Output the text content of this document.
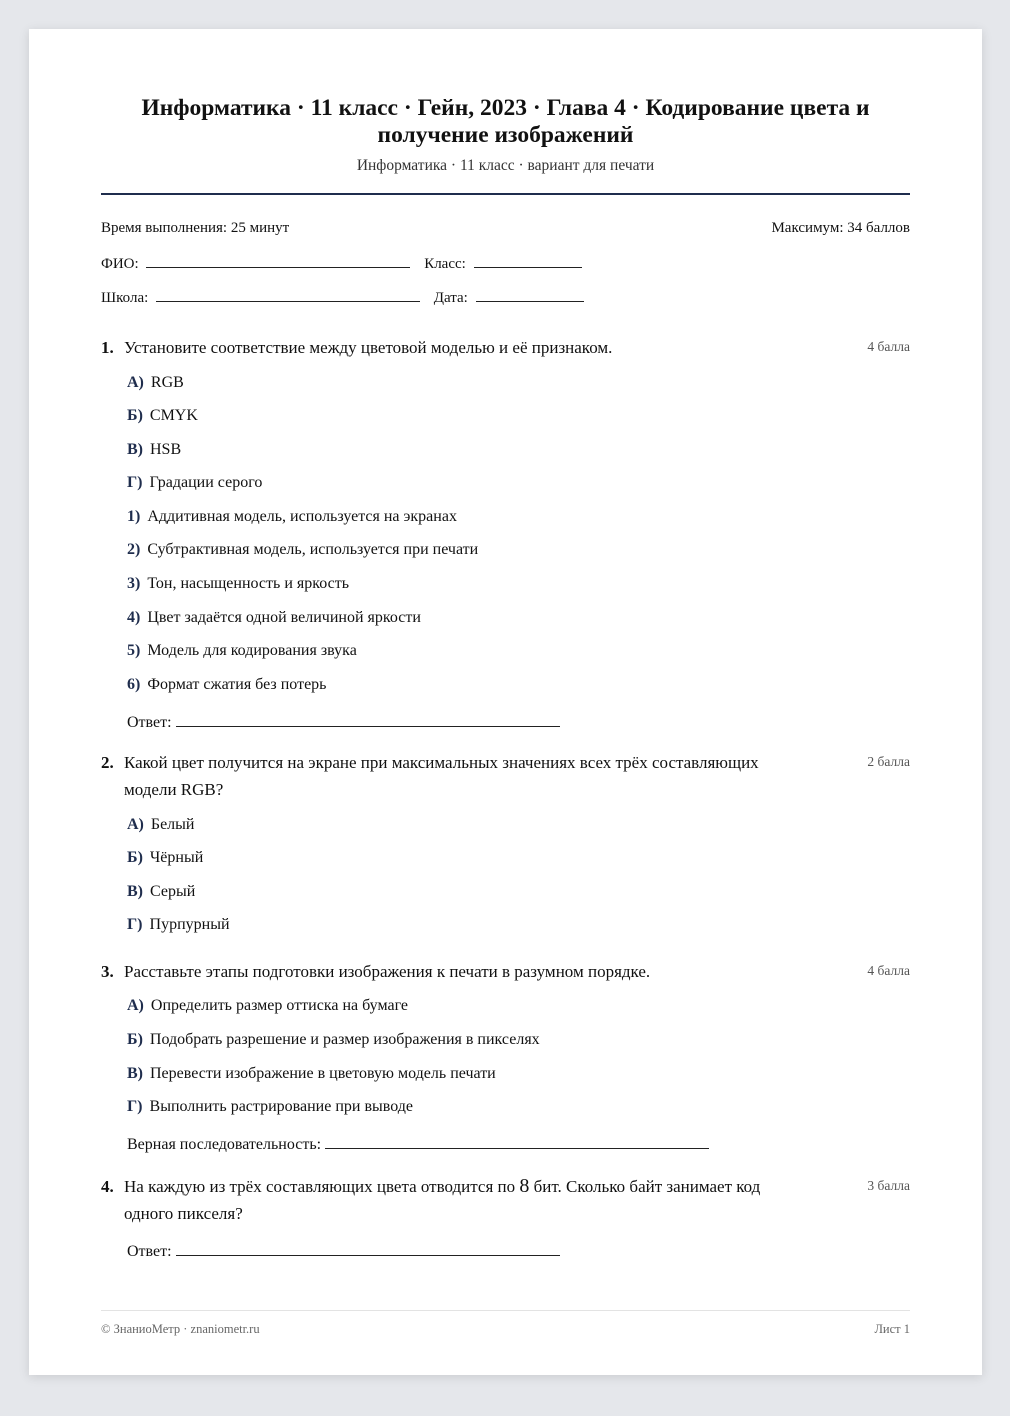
Информатика · 11 класс · Гейн, 2023 · Глава 4 · Кодирование цвета и получение изображений
Информатика · 11 класс · вариант для печати
Время выполнения: 25 минут	Максимум: 34 баллов
ФИО:	Класс:
Школа:	Дата:
1. Установите соответствие между цветовой моделью и её признаком.	4 балла
А) RGB
Б) CMYK
В) HSB
Г) Градации серого
1) Аддитивная модель, используется на экранах
2) Субтрактивная модель, используется при печати
3) Тон, насыщенность и яркость
4) Цвет задаётся одной величиной яркости
5) Модель для кодирования звука
6) Формат сжатия без потерь
Ответ:
2. Какой цвет получится на экране при максимальных значениях всех трёх составляющих модели RGB?
2 балла
А) Белый
Б) Чёрный
В) Серый
Г) Пурпурный
3. Расставьте этапы подготовки изображения к печати в разумном порядке.	4 балла
А) Определить размер оттиска на бумаге
Б) Подобрать разрешение и размер изображения в пикселях
В) Перевести изображение в цветовую модель печати
Г) Выполнить растрирование при выводе
Верная последовательность:
4. На каждую из трёх составляющих цвета отводится по 8 бит. Сколько байт занимает код одного пикселя?
3 балла
Ответ:
© ЗнаниоМетр · znaniometr.ru	Лист 1
